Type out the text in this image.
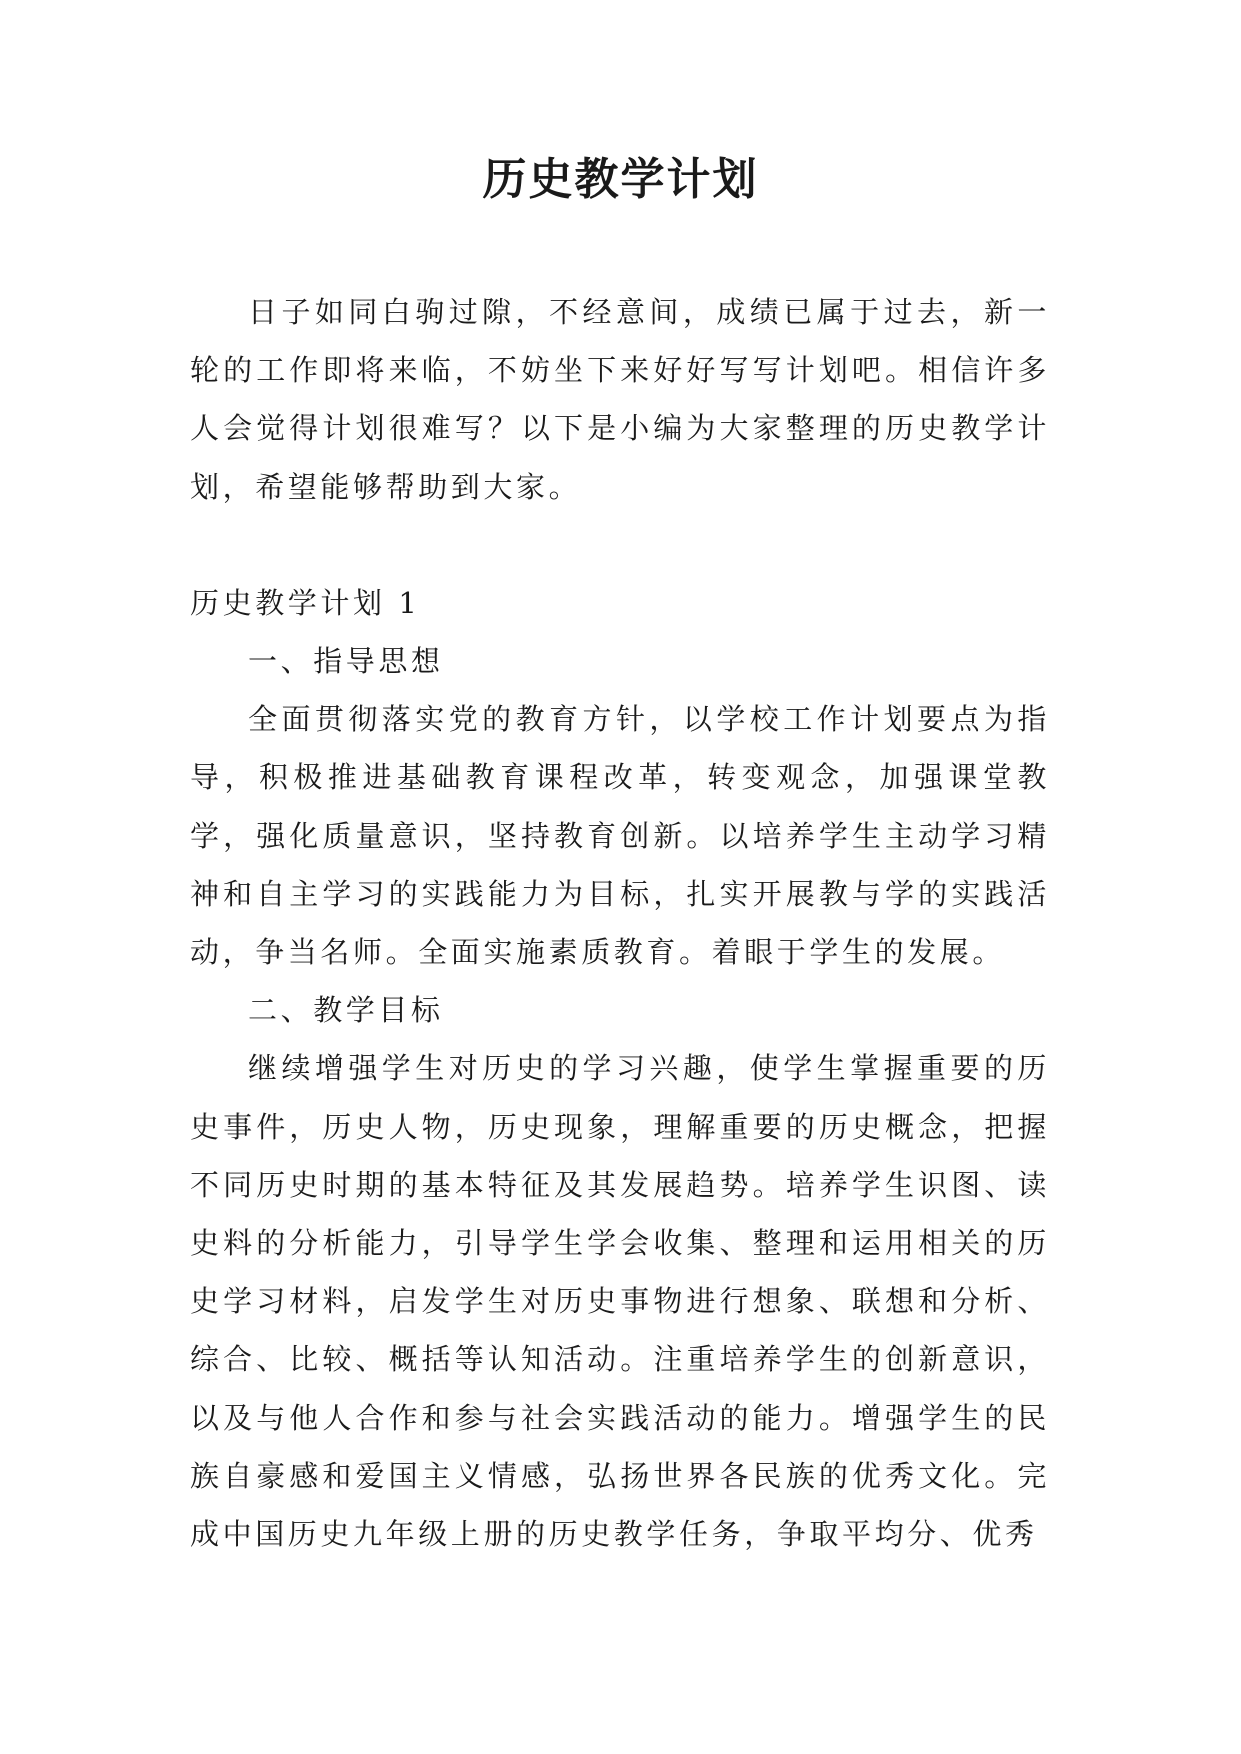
历史教学计划

日子如同白驹过隙，不经意间，成绩已属于过去，新一轮的工作即将来临，不妨坐下来好好写写计划吧。相信许多人会觉得计划很难写？以下是小编为大家整理的历史教学计划，希望能够帮助到大家。

历史教学计划 1

一、指导思想

全面贯彻落实党的教育方针，以学校工作计划要点为指导，积极推进基础教育课程改革，转变观念，加强课堂教学，强化质量意识，坚持教育创新。以培养学生主动学习精神和自主学习的实践能力为目标，扎实开展教与学的实践活动，争当名师。全面实施素质教育。着眼于学生的发展。

二、教学目标

继续增强学生对历史的学习兴趣，使学生掌握重要的历史事件，历史人物，历史现象，理解重要的历史概念，把握不同历史时期的基本特征及其发展趋势。培养学生识图、读史料的分析能力，引导学生学会收集、整理和运用相关的历史学习材料，启发学生对历史事物进行想象、联想和分析、综合、比较、概括等认知活动。注重培养学生的创新意识，以及与他人合作和参与社会实践活动的能力。增强学生的民族自豪感和爱国主义情感，弘扬世界各民族的优秀文化。完成中国历史九年级上册的历史教学任务，争取平均分、优秀
